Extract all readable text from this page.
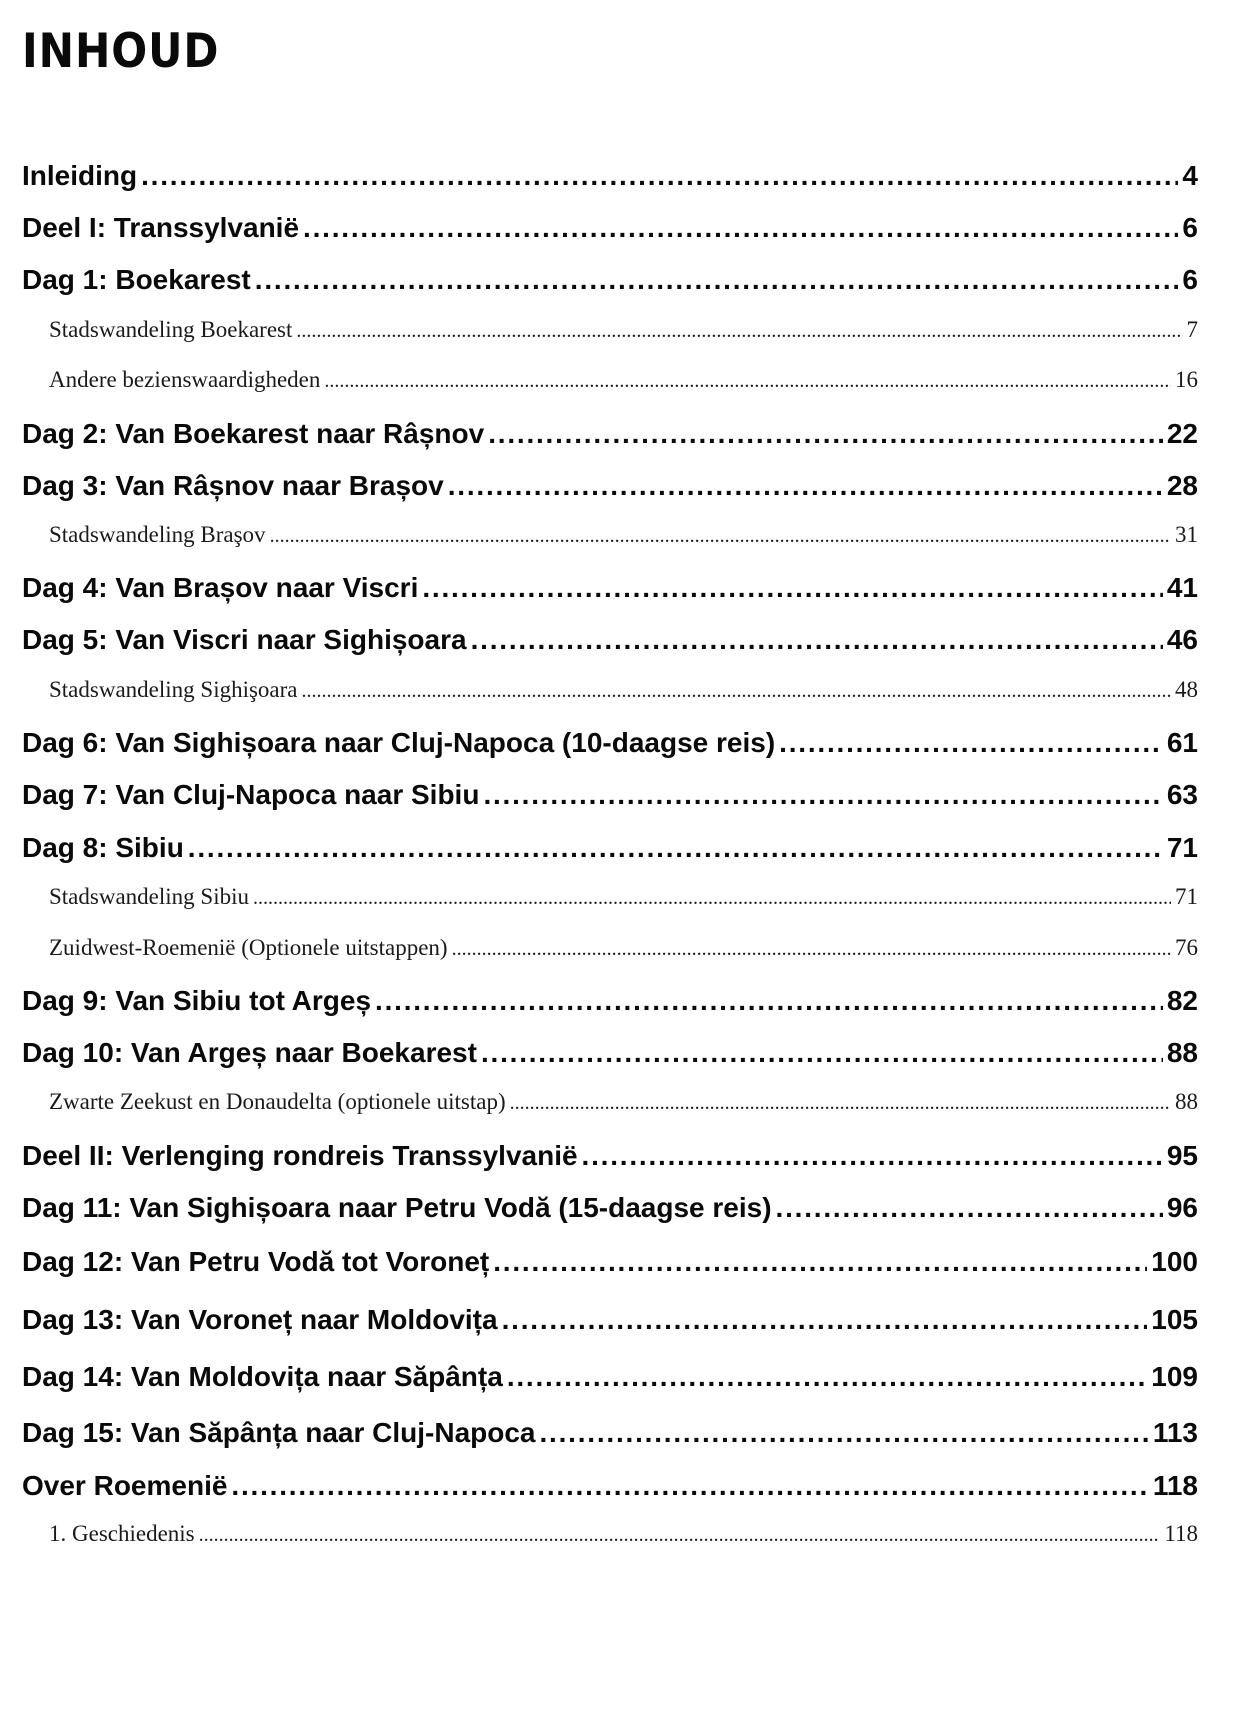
INHOUD
Inleiding . . .	4
Deel I: Transsylvanië . . .	6
Dag 1: Boekarest . . .	6
Stadswandeling Boekarest . . .	7
Andere bezienswaardigheden . . .	16
Dag 2: Van Boekarest naar Râșnov . . .	22
Dag 3: Van Râșnov naar Brașov . . .	28
Stadswandeling Braşov . . .	31
Dag 4: Van Brașov naar Viscri . . .	41
Dag 5: Van Viscri naar Sighișoara . . .	46
Stadswandeling Sighişoara . . .	48
Dag 6: Van Sighișoara naar Cluj-Napoca (10-daagse reis) . . .	61
Dag 7: Van Cluj-Napoca naar Sibiu . . .	63
Dag 8: Sibiu . . .	71
Stadswandeling Sibiu . . .	71
Zuidwest-Roemenië (Optionele uitstappen) . . .	76
Dag 9: Van Sibiu tot Argeș . . .	82
Dag 10: Van Argeș naar Boekarest . . .	88
Zwarte Zeekust en Donaudelta (optionele uitstap) . . .	88
Deel II: Verlenging rondreis Transsylvanië . . .	95
Dag 11: Van Sighișoara naar Petru Vodă (15-daagse reis) . . .	96
Dag 12: Van Petru Vodă tot Voroneț . . .	100
Dag 13: Van Voroneț naar Moldovița . . .	105
Dag 14: Van Moldovița naar Săpânța . . .	109
Dag 15: Van Săpânța naar Cluj-Napoca . . .	113
Over Roemenië . . .	118
1. Geschiedenis . . .	118
